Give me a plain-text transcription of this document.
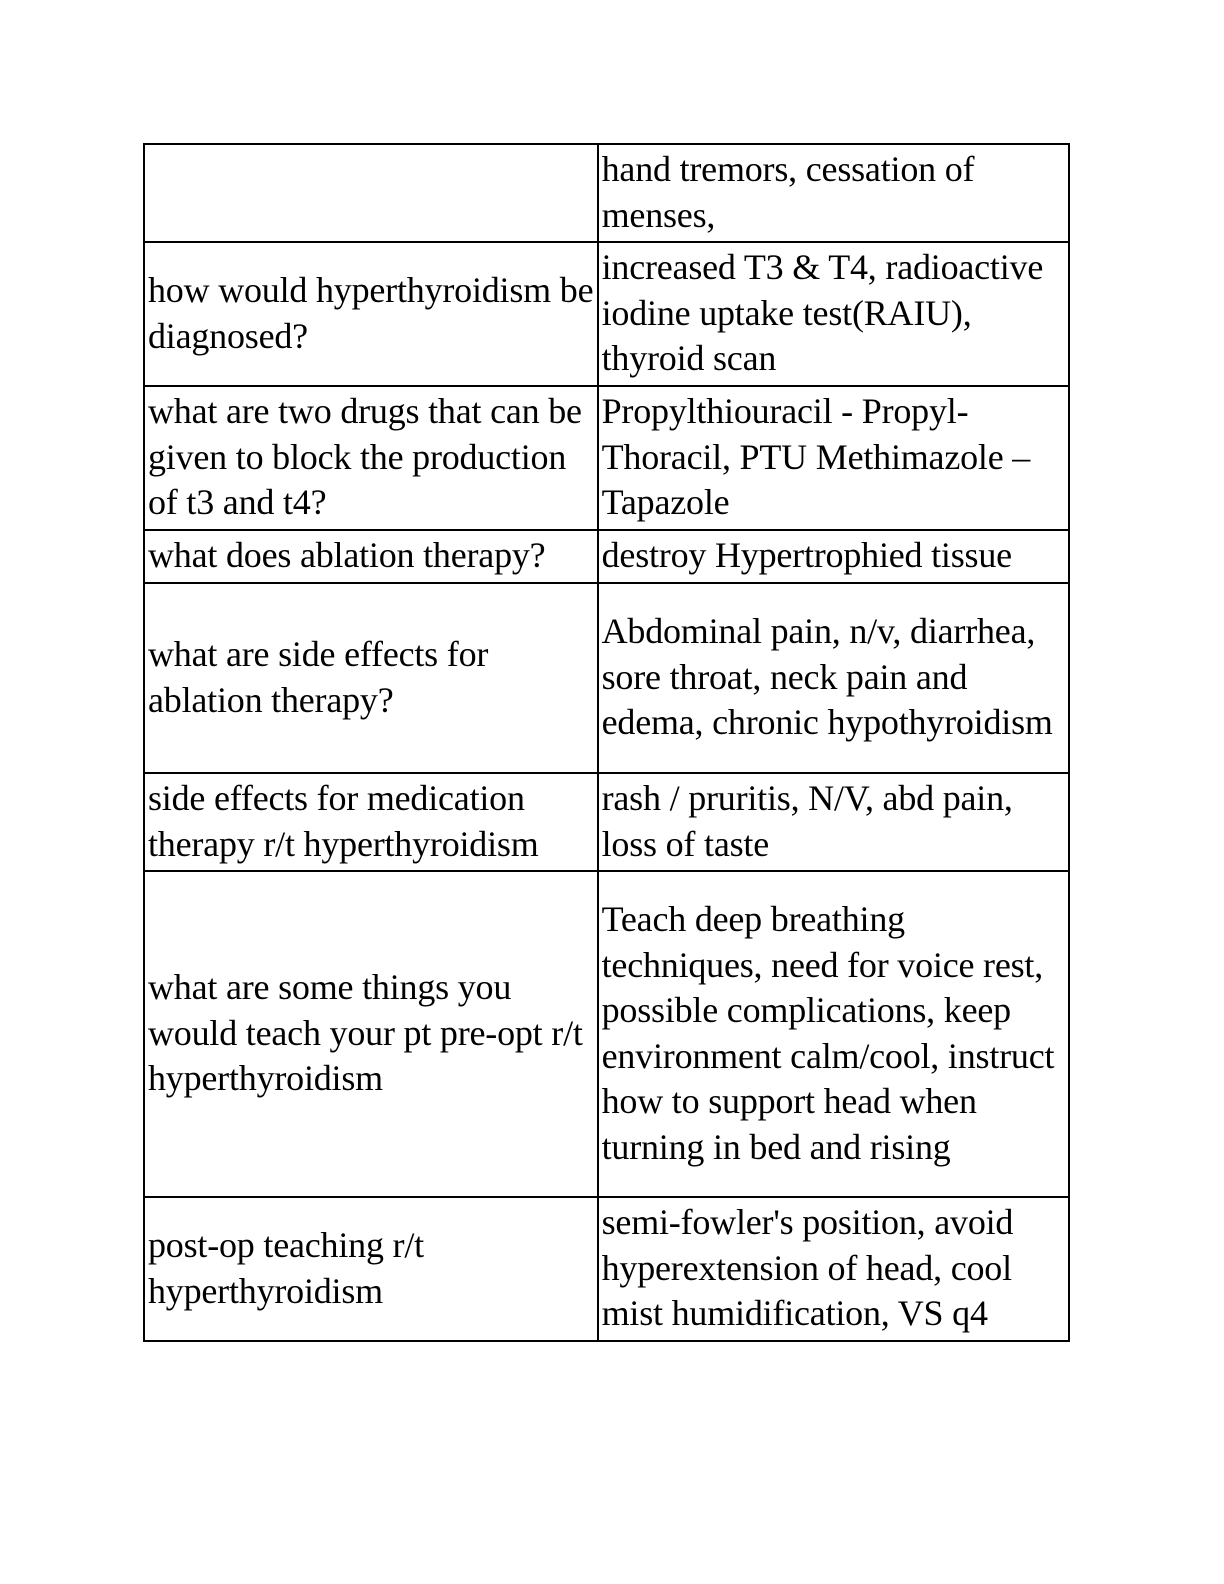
	hand tremors, cessation of menses,

how would hyperthyroidism be diagnosed?	increased T3 & T4, radioactive iodine uptake test(RAIU), thyroid scan

what are two drugs that can be given to block the production of t3 and t4?	Propylthiouracil - Propyl-Thoracil, PTU Methimazole – Tapazole

what does ablation therapy?	destroy Hypertrophied tissue

what are side effects for ablation therapy?	Abdominal pain, n/v, diarrhea, sore throat, neck pain and edema, chronic hypothyroidism

side effects for medication therapy r/t hyperthyroidism	rash / pruritis, N/V, abd pain, loss of taste

what are some things you would teach your pt pre-opt r/t hyperthyroidism	Teach deep breathing techniques, need for voice rest, possible complications, keep environment calm/cool, instruct how to support head when turning in bed and rising

post-op teaching r/t hyperthyroidism	semi-fowler's position, avoid hyperextension of head, cool mist humidification, VS q4
